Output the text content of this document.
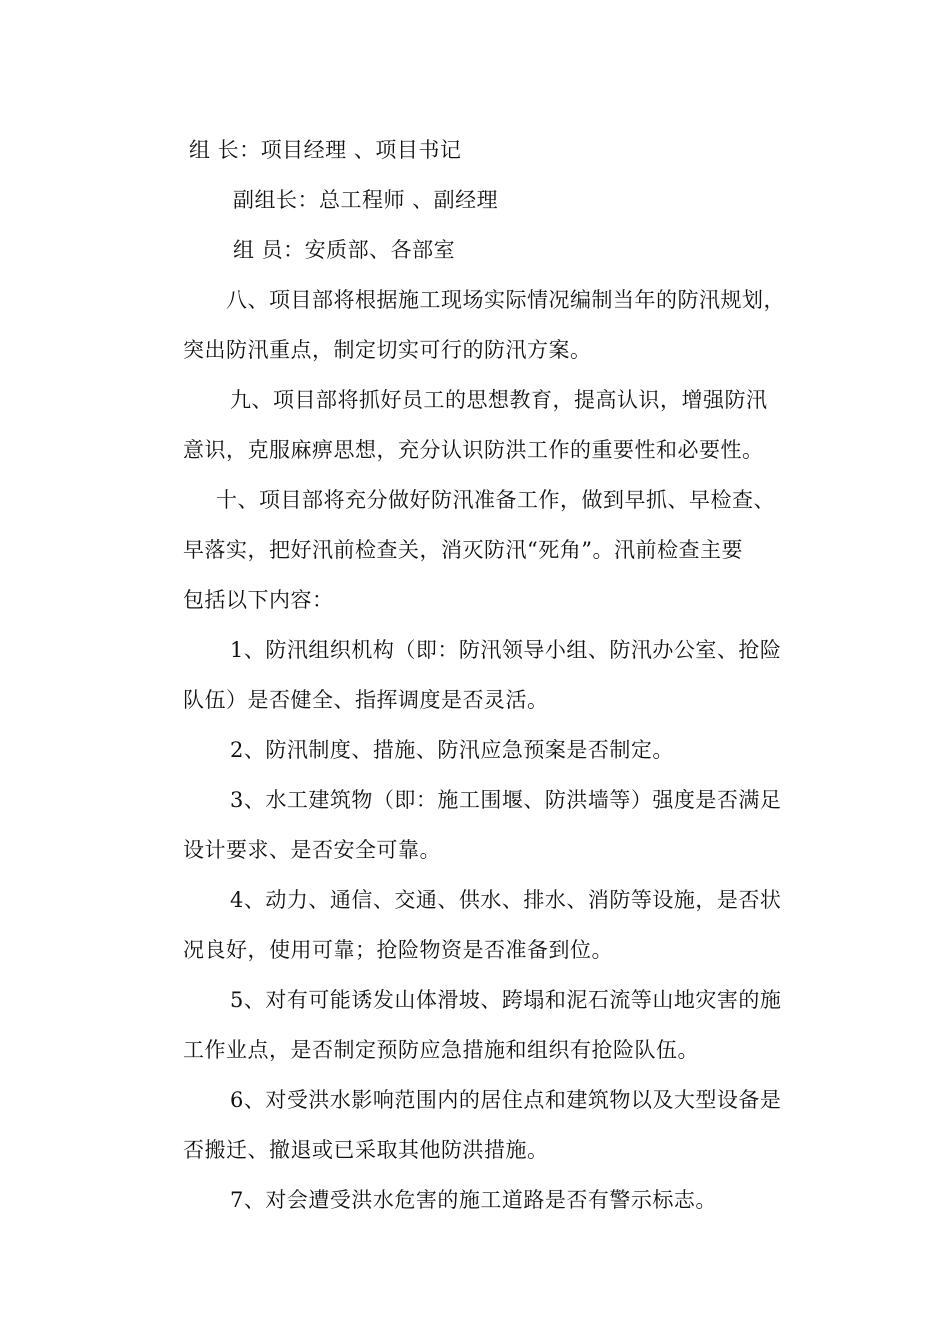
组 长：项目经理 、项目书记
副组长：总工程师 、副经理
组 员：安质部、各部室
八、项目部将根据施工现场实际情况编制当年的防汛规划，
突出防汛重点，制定切实可行的防汛方案。
九、项目部将抓好员工的思想教育，提高认识，增强防汛
意识，克服麻痹思想，充分认识防洪工作的重要性和必要性。
十、项目部将充分做好防汛准备工作，做到早抓、早检查、
早落实，把好汛前检查关，消灭防汛“死角”。汛前检查主要
包括以下内容：
1、防汛组织机构（即：防汛领导小组、防汛办公室、抢险
队伍）是否健全、指挥调度是否灵活。
2、防汛制度、措施、防汛应急预案是否制定。
3、水工建筑物（即：施工围堰、防洪墙等）强度是否满足
设计要求、是否安全可靠。
4、动力、通信、交通、供水、排水、消防等设施，是否状
况良好，使用可靠；抢险物资是否准备到位。
5、对有可能诱发山体滑坡、跨塌和泥石流等山地灾害的施
工作业点，是否制定预防应急措施和组织有抢险队伍。
6、对受洪水影响范围内的居住点和建筑物以及大型设备是
否搬迁、撤退或已采取其他防洪措施。
7、对会遭受洪水危害的施工道路是否有警示标志。
